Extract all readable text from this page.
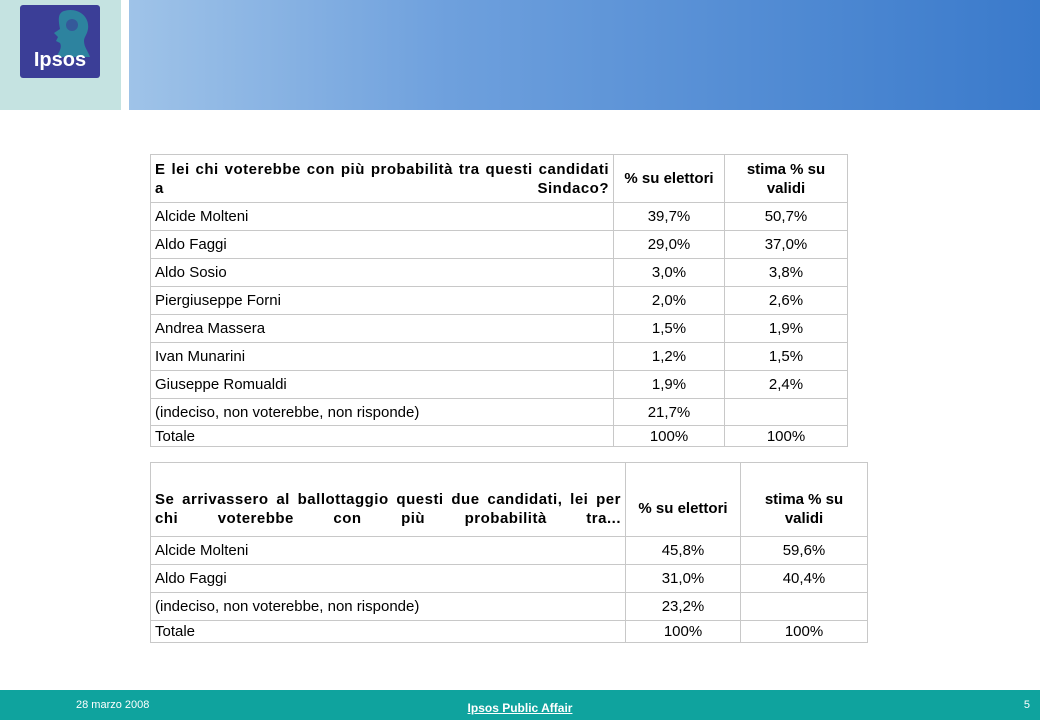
Ipsos
E lei chi voterebbe con più probabilità tra questi candidati a Sindaco?	% su elettori	stima % su validi
Alcide Molteni	39,7%	50,7%
Aldo Faggi	29,0%	37,0%
Aldo Sosio	3,0%	3,8%
Piergiuseppe Forni	2,0%	2,6%
Andrea Massera	1,5%	1,9%
Ivan Munarini	1,2%	1,5%
Giuseppe Romualdi	1,9%	2,4%
(indeciso, non voterebbe, non risponde)	21,7%	
Totale	100%	100%
Se arrivassero al ballottaggio questi due candidati, lei per chi voterebbe con più probabilità tra...	% su elettori	stima % su validi
Alcide Molteni	45,8%	59,6%
Aldo Faggi	31,0%	40,4%
(indeciso, non voterebbe, non risponde)	23,2%	
Totale	100%	100%
28 marzo 2008	Ipsos Public Affair	5
